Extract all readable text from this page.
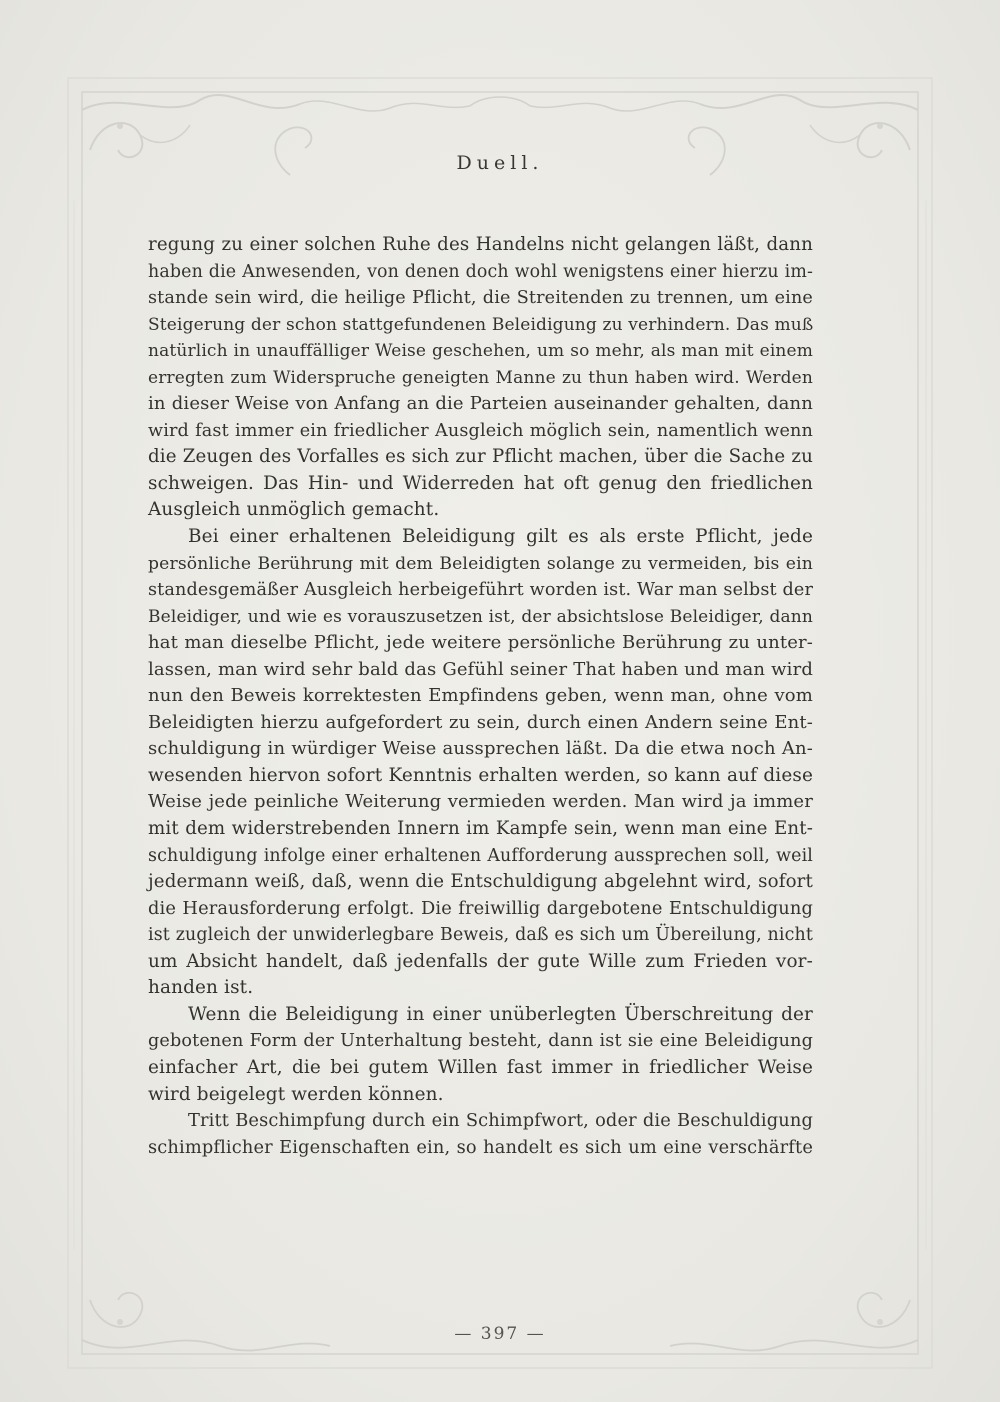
Duell.
regung zu einer solchen Ruhe des Handelns nicht gelangen läßt, dann
haben die Anwesenden, von denen doch wohl wenigstens einer hierzu im-
stande sein wird, die heilige Pflicht, die Streitenden zu trennen, um eine
Steigerung der schon stattgefundenen Beleidigung zu verhindern. Das muß
natürlich in unauffälliger Weise geschehen, um so mehr, als man mit einem
erregten zum Widerspruche geneigten Manne zu thun haben wird. Werden
in dieser Weise von Anfang an die Parteien auseinander gehalten, dann
wird fast immer ein friedlicher Ausgleich möglich sein, namentlich wenn
die Zeugen des Vorfalles es sich zur Pflicht machen, über die Sache zu
schweigen. Das Hin- und Widerreden hat oft genug den friedlichen
Ausgleich unmöglich gemacht.
Bei einer erhaltenen Beleidigung gilt es als erste Pflicht, jede
persönliche Berührung mit dem Beleidigten solange zu vermeiden, bis ein
standesgemäßer Ausgleich herbeigeführt worden ist. War man selbst der
Beleidiger, und wie es vorauszusetzen ist, der absichtslose Beleidiger, dann
hat man dieselbe Pflicht, jede weitere persönliche Berührung zu unter-
lassen, man wird sehr bald das Gefühl seiner That haben und man wird
nun den Beweis korrektesten Empfindens geben, wenn man, ohne vom
Beleidigten hierzu aufgefordert zu sein, durch einen Andern seine Ent-
schuldigung in würdiger Weise aussprechen läßt. Da die etwa noch An-
wesenden hiervon sofort Kenntnis erhalten werden, so kann auf diese
Weise jede peinliche Weiterung vermieden werden. Man wird ja immer
mit dem widerstrebenden Innern im Kampfe sein, wenn man eine Ent-
schuldigung infolge einer erhaltenen Aufforderung aussprechen soll, weil
jedermann weiß, daß, wenn die Entschuldigung abgelehnt wird, sofort
die Herausforderung erfolgt. Die freiwillig dargebotene Entschuldigung
ist zugleich der unwiderlegbare Beweis, daß es sich um Übereilung, nicht
um Absicht handelt, daß jedenfalls der gute Wille zum Frieden vor-
handen ist.
Wenn die Beleidigung in einer unüberlegten Überschreitung der
gebotenen Form der Unterhaltung besteht, dann ist sie eine Beleidigung
einfacher Art, die bei gutem Willen fast immer in friedlicher Weise
wird beigelegt werden können.
Tritt Beschimpfung durch ein Schimpfwort, oder die Beschuldigung
schimpflicher Eigenschaften ein, so handelt es sich um eine verschärfte
— 397 —
